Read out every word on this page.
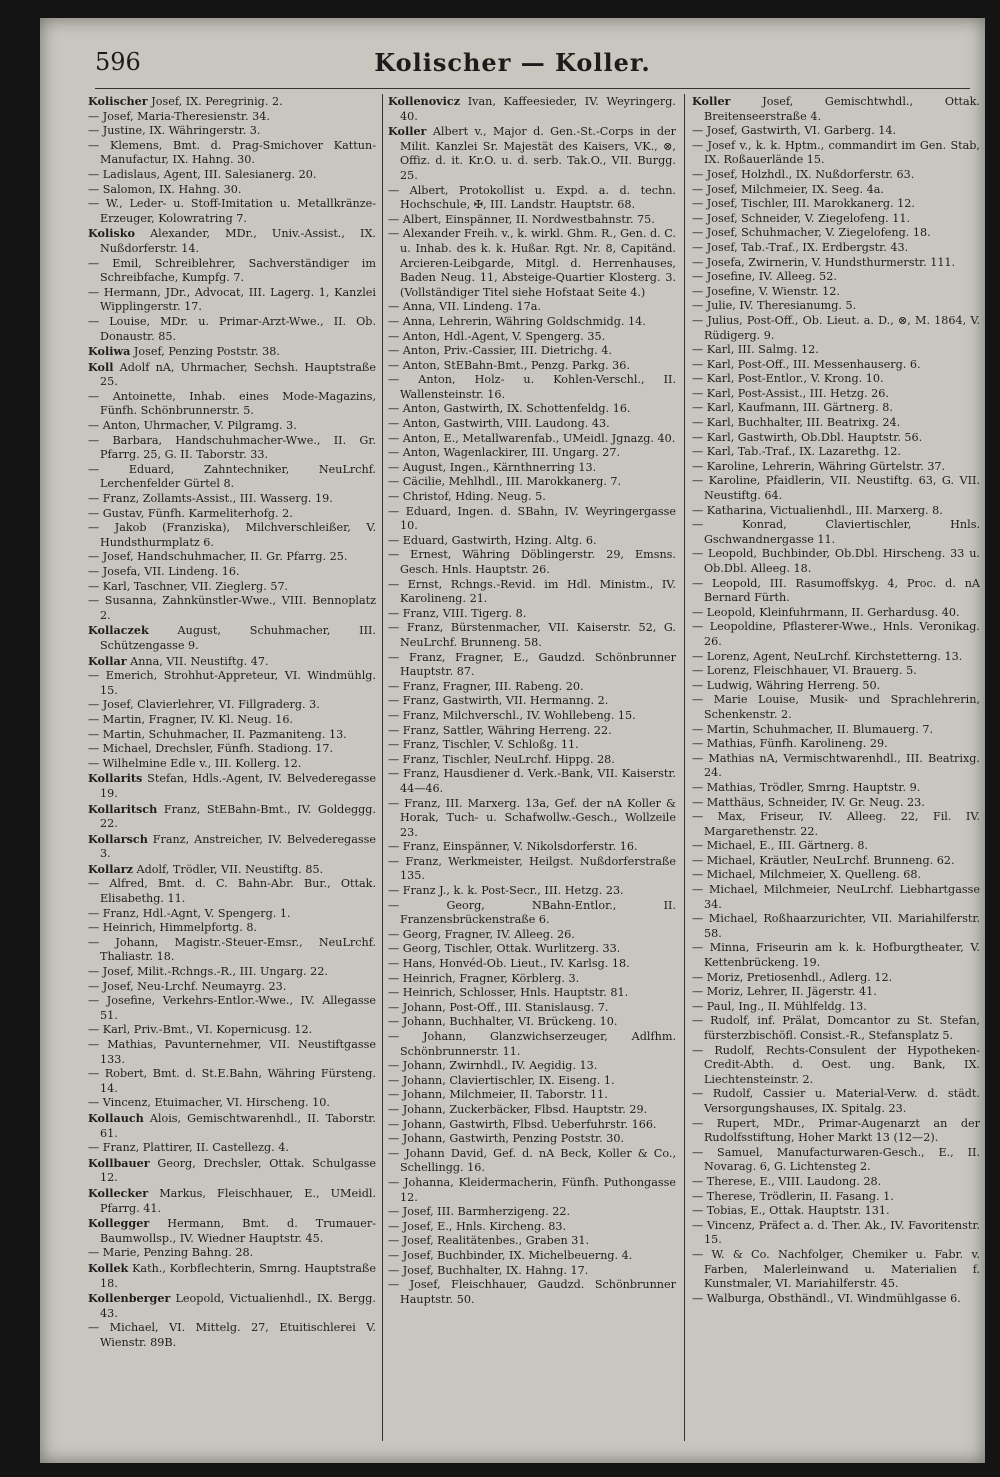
596	Kolischer — Koller.

Kolischer Josef, IX. Peregrinig. 2.

— Josef, Maria-Theresienstr. 34.

— Justine, IX. Währingerstr. 3.

— Klemens, Bmt. d. Prag-Smichover Kattun-Manufactur, IX. Hahng. 30.

— Ladislaus, Agent, III. Salesianerg. 20.

— Salomon, IX. Hahng. 30.

— W., Leder- u. Stoff-Imitation u. Metallkränze-Erzeuger, Kolowratring 7.

Kolisko Alexander, MDr., Univ.-Assist., IX. Nußdorferstr. 14.

— Emil, Schreiblehrer, Sachverständiger im Schreibfache, Kumpfg. 7.

— Hermann, JDr., Advocat, III. Lagerg. 1, Kanzlei Wipplingerstr. 17.

— Louise, MDr. u. Primar-Arzt-Wwe., II. Ob. Donaustr. 85.

Koliwa Josef, Penzing Poststr. 38.

Koll Adolf nA, Uhrmacher, Sechsh. Hauptstraße 25.

— Antoinette, Inhab. eines Mode-Magazins, Fünfh. Schönbrunnerstr. 5.

— Anton, Uhrmacher, V. Pilgramg. 3.

— Barbara, Handschuhmacher-Wwe., II. Gr. Pfarrg. 25, G. II. Taborstr. 33.

— Eduard, Zahntechniker, NeuLrchf. Lerchenfelder Gürtel 8.

— Franz, Zollamts-Assist., III. Wasserg. 19.

— Gustav, Fünfh. Karmeliterhofg. 2.

— Jakob (Franziska), Milchverschleißer, V. Hundsthurmplatz 6.

— Josef, Handschuhmacher, II. Gr. Pfarrg. 25.

— Josefa, VII. Lindeng. 16.

— Karl, Taschner, VII. Zieglerg. 57.

— Susanna, Zahnkünstler-Wwe., VIII. Bennoplatz 2.

Kollaczek August, Schuhmacher, III. Schützengasse 9.

Kollar Anna, VII. Neustiftg. 47.

— Emerich, Strohhut-Appreteur, VI. Windmühlg. 15.

— Josef, Clavierlehrer, VI. Fillgraderg. 3.

— Martin, Fragner, IV. Kl. Neug. 16.

— Martin, Schuhmacher, II. Pazmaniteng. 13.

— Michael, Drechsler, Fünfh. Stadiong. 17.

— Wilhelmine Edle v., III. Kollerg. 12.

Kollarits Stefan, Hdls.-Agent, IV. Belvederegasse 19.

Kollaritsch Franz, StEBahn-Bmt., IV. Goldeggg. 22.

Kollarsch Franz, Anstreicher, IV. Belvederegasse 3.

Kollarz Adolf, Trödler, VII. Neustiftg. 85.

— Alfred, Bmt. d. C. Bahn-Abr. Bur., Ottak. Elisabethg. 11.

— Franz, Hdl.-Agnt, V. Spengerg. 1.

— Heinrich, Himmelpfortg. 8.

— Johann, Magistr.-Steuer-Emsr., NeuLrchf. Thaliastr. 18.

— Josef, Milit.-Rchngs.-R., III. Ungarg. 22.

— Josef, Neu-Lrchf. Neumayrg. 23.

— Josefine, Verkehrs-Entlor.-Wwe., IV. Allegasse 51.

— Karl, Priv.-Bmt., VI. Kopernicusg. 12.

— Mathias, Pavunternehmer, VII. Neustiftgasse 133.

— Robert, Bmt. d. St.E.Bahn, Währing Fürsteng. 14.

— Vincenz, Etuimacher, VI. Hirscheng. 10.

Kollauch Alois, Gemischtwarenhdl., II. Taborstr. 61.

— Franz, Plattirer, II. Castellezg. 4.

Kollbauer Georg, Drechsler, Ottak. Schulgasse 12.

Kollecker Markus, Fleischhauer, E., UMeidl. Pfarrg. 41.

Kollegger Hermann, Bmt. d. Trumauer-Baumwollsp., IV. Wiedner Hauptstr. 45.

— Marie, Penzing Bahng. 28.

Kollek Kath., Korbflechterin, Smrng. Hauptstraße 18.

Kollenberger Leopold, Victualienhdl., IX. Bergg. 43.

— Michael, VI. Mittelg. 27, Etuitischlerei V. Wienstr. 89B.

Kollenovicz Ivan, Kaffeesieder, IV. Weyringerg. 40.

Koller Albert v., Major d. Gen.-St.-Corps in der Milit. Kanzlei Sr. Majestät des Kaisers, VK., ⊗, Offiz. d. it. Kr.O. u. d. serb. Tak.O., VII. Burgg. 25.

— Albert, Protokollist u. Expd. a. d. techn. Hochschule, ✠, III. Landstr. Hauptstr. 68.

— Albert, Einspänner, II. Nordwestbahnstr. 75.

— Alexander Freih. v., k. wirkl. Ghm. R., Gen. d. C. u. Inhab. des k. k. Hußar. Rgt. Nr. 8, Capitänd. Arcieren-Leibgarde, Mitgl. d. Herrenhauses, Baden Neug. 11, Absteige-Quartier Klosterg. 3. (Vollständiger Titel siehe Hofstaat Seite 4.)

— Anna, VII. Lindeng. 17a.

— Anna, Lehrerin, Währing Goldschmidg. 14.

— Anton, Hdl.-Agent, V. Spengerg. 35.

— Anton, Priv.-Cassier, III. Dietrichg. 4.

— Anton, StEBahn-Bmt., Penzg. Parkg. 36.

— Anton, Holz- u. Kohlen-Verschl., II. Wallensteinstr. 16.

— Anton, Gastwirth, IX. Schottenfeldg. 16.

— Anton, Gastwirth, VIII. Laudong. 43.

— Anton, E., Metallwarenfab., UMeidl. Jgnazg. 40.

— Anton, Wagenlackirer, III. Ungarg. 27.

— August, Ingen., Kärnthnerring 13.

— Cäcilie, Mehlhdl., III. Marokkanerg. 7.

— Christof, Hding. Neug. 5.

— Eduard, Ingen. d. SBahn, IV. Weyringergasse 10.

— Eduard, Gastwirth, Hzing. Altg. 6.

— Ernest, Währing Döblingerstr. 29, Emsns. Gesch. Hnls. Hauptstr. 26.

— Ernst, Rchngs.-Revid. im Hdl. Ministm., IV. Karolineng. 21.

— Franz, VIII. Tigerg. 8.

— Franz, Bürstenmacher, VII. Kaiserstr. 52, G. NeuLrchf. Brunneng. 58.

— Franz, Fragner, E., Gaudzd. Schönbrunner Hauptstr. 87.

— Franz, Fragner, III. Rabeng. 20.

— Franz, Gastwirth, VII. Hermanng. 2.

— Franz, Milchverschl., IV. Wohllebeng. 15.

— Franz, Sattler, Währing Herreng. 22.

— Franz, Tischler, V. Schloßg. 11.

— Franz, Tischler, NeuLrchf. Hippg. 28.

— Franz, Hausdiener d. Verk.-Bank, VII. Kaiserstr. 44—46.

— Franz, III. Marxerg. 13a, Gef. der nA Koller & Horak, Tuch- u. Schafwollw.-Gesch., Wollzeile 23.

— Franz, Einspänner, V. Nikolsdorferstr. 16.

— Franz, Werkmeister, Heilgst. Nußdorferstraße 135.

— Franz J., k. k. Post-Secr., III. Hetzg. 23.

— Georg, NBahn-Entlor., II. Franzensbrückenstraße 6.

— Georg, Fragner, IV. Alleeg. 26.

— Georg, Tischler, Ottak. Wurlitzerg. 33.

— Hans, Honvéd-Ob. Lieut., IV. Karlsg. 18.

— Heinrich, Fragner, Körblerg. 3.

— Heinrich, Schlosser, Hnls. Hauptstr. 81.

— Johann, Post-Off., III. Stanislausg. 7.

— Johann, Buchhalter, VI. Brückeng. 10.

— Johann, Glanzwichserzeuger, Adlfhm. Schönbrunnerstr. 11.

— Johann, Zwirnhdl., IV. Aegidig. 13.

— Johann, Claviertischler, IX. Eiseng. 1.

— Johann, Milchmeier, II. Taborstr. 11.

— Johann, Zuckerbäcker, Flbsd. Hauptstr. 29.

— Johann, Gastwirth, Flbsd. Ueberfuhrstr. 166.

— Johann, Gastwirth, Penzing Poststr. 30.

— Johann David, Gef. d. nA Beck, Koller & Co., Schellingg. 16.

— Johanna, Kleidermacherin, Fünfh. Puthongasse 12.

— Josef, III. Barmherzigeng. 22.

— Josef, E., Hnls. Kircheng. 83.

— Josef, Realitätenbes., Graben 31.

— Josef, Buchbinder, IX. Michelbeuerng. 4.

— Josef, Buchhalter, IX. Hahng. 17.

— Josef, Fleischhauer, Gaudzd. Schönbrunner Hauptstr. 50.

Koller Josef, Gemischtwhdl., Ottak. Breitenseerstraße 4.

— Josef, Gastwirth, VI. Garberg. 14.

— Josef v., k. k. Hptm., commandirt im Gen. Stab, IX. Roßauerlände 15.

— Josef, Holzhdl., IX. Nußdorferstr. 63.

— Josef, Milchmeier, IX. Seeg. 4a.

— Josef, Tischler, III. Marokkanerg. 12.

— Josef, Schneider, V. Ziegelofeng. 11.

— Josef, Schuhmacher, V. Ziegelofeng. 18.

— Josef, Tab.-Traf., IX. Erdbergstr. 43.

— Josefa, Zwirnerin, V. Hundsthurmerstr. 111.

— Josefine, IV. Alleeg. 52.

— Josefine, V. Wienstr. 12.

— Julie, IV. Theresianumg. 5.

— Julius, Post-Off., Ob. Lieut. a. D., ⊗, M. 1864, V. Rüdigerg. 9.

— Karl, III. Salmg. 12.

— Karl, Post-Off., III. Messenhauserg. 6.

— Karl, Post-Entlor., V. Krong. 10.

— Karl, Post-Assist., III. Hetzg. 26.

— Karl, Kaufmann, III. Gärtnerg. 8.

— Karl, Buchhalter, III. Beatrixg. 24.

— Karl, Gastwirth, Ob.Dbl. Hauptstr. 56.

— Karl, Tab.-Traf., IX. Lazarethg. 12.

— Karoline, Lehrerin, Währing Gürtelstr. 37.

— Karoline, Pfaidlerin, VII. Neustiftg. 63, G. VII. Neustiftg. 64.

— Katharina, Victualienhdl., III. Marxerg. 8.

— Konrad, Claviertischler, Hnls. Gschwandnergasse 11.

— Leopold, Buchbinder, Ob.Dbl. Hirscheng. 33 u. Ob.Dbl. Alleeg. 18.

— Leopold, III. Rasumoffskyg. 4, Proc. d. nA Bernard Fürth.

— Leopold, Kleinfuhrmann, II. Gerhardusg. 40.

— Leopoldine, Pflasterer-Wwe., Hnls. Veronikag. 26.

— Lorenz, Agent, NeuLrchf. Kirchstetterng. 13.

— Lorenz, Fleischhauer, VI. Brauerg. 5.

— Ludwig, Währing Herreng. 50.

— Marie Louise, Musik- und Sprachlehrerin, Schenkenstr. 2.

— Martin, Schuhmacher, II. Blumauerg. 7.

— Mathias, Fünfh. Karolineng. 29.

— Mathias nA, Vermischtwarenhdl., III. Beatrixg. 24.

— Mathias, Trödler, Smrng. Hauptstr. 9.

— Matthäus, Schneider, IV. Gr. Neug. 23.

— Max, Friseur, IV. Alleeg. 22, Fil. IV. Margarethenstr. 22.

— Michael, E., III. Gärtnerg. 8.

— Michael, Kräutler, NeuLrchf. Brunneng. 62.

— Michael, Milchmeier, X. Quelleng. 68.

— Michael, Milchmeier, NeuLrchf. Liebhartgasse 34.

— Michael, Roßhaarzurichter, VII. Mariahilferstr. 58.

— Minna, Friseurin am k. k. Hofburgtheater, V. Kettenbrückeng. 19.

— Moriz, Pretiosenhdl., Adlerg. 12.

— Moriz, Lehrer, II. Jägerstr. 41.

— Paul, Ing., II. Mühlfeldg. 13.

— Rudolf, inf. Prälat, Domcantor zu St. Stefan, fürsterzbischöfl. Consist.-R., Stefansplatz 5.

— Rudolf, Rechts-Consulent der Hypotheken-Credit-Abth. d. Oest. ung. Bank, IX. Liechtensteinstr. 2.

— Rudolf, Cassier u. Material-Verw. d. städt. Versorgungshauses, IX. Spitalg. 23.

— Rupert, MDr., Primar-Augenarzt an der Rudolfsstiftung, Hoher Markt 13 (12—2).

— Samuel, Manufacturwaren-Gesch., E., II. Novarag. 6, G. Lichtensteg 2.

— Therese, E., VIII. Laudong. 28.

— Therese, Trödlerin, II. Fasang. 1.

— Tobias, E., Ottak. Hauptstr. 131.

— Vincenz, Präfect a. d. Ther. Ak., IV. Favoritenstr. 15.

— W. & Co. Nachfolger, Chemiker u. Fabr. v. Farben, Malerleinwand u. Materialien f. Kunstmaler, VI. Mariahilferstr. 45.

— Walburga, Obsthändl., VI. Windmühlgasse 6.
